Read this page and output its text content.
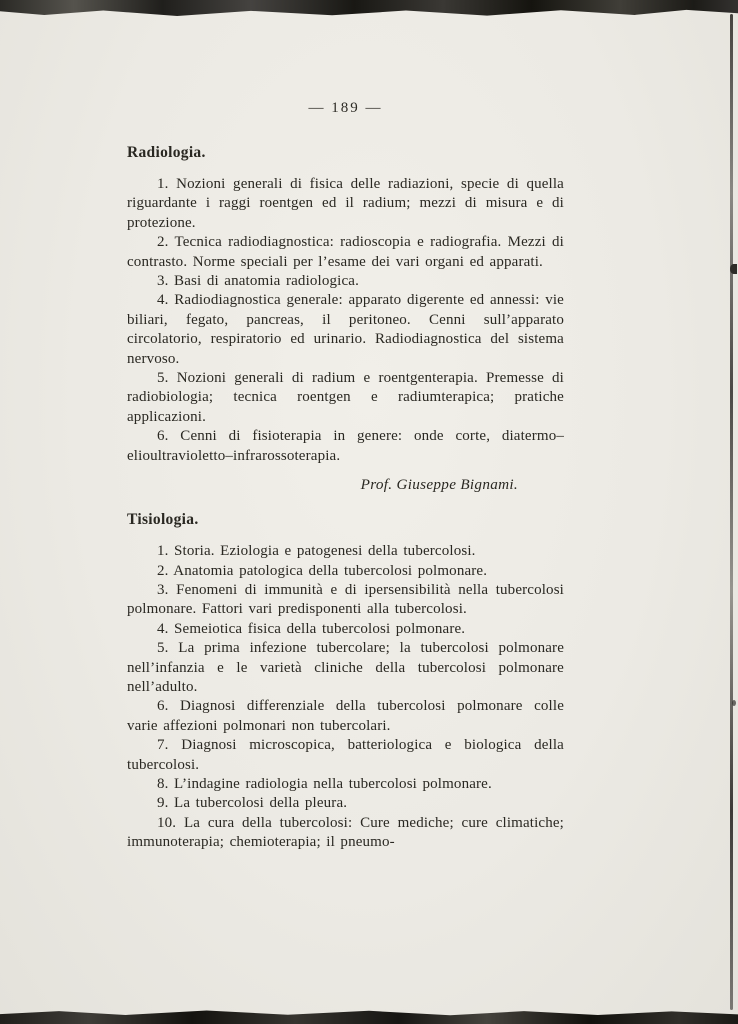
— 189 —
Radiologia.

1. Nozioni generali di fisica delle radiazioni, specie di quella riguardante i raggi roentgen ed il radium; mezzi di misura e di protezione.

2. Tecnica radiodiagnostica: radioscopia e radiografia. Mezzi di contrasto. Norme speciali per l’esame dei vari organi ed apparati.

3. Basi di anatomia radiologica.

4. Radiodiagnostica generale: apparato digerente ed annessi: vie biliari, fegato, pancreas, il peritoneo. Cenni sull’apparato circolatorio, respiratorio ed urinario. Radiodiagnostica del sistema nervoso.

5. Nozioni generali di radium e roentgenterapia. Premesse di radiobiologia; tecnica roentgen e radiumterapica; pratiche applicazioni.

6. Cenni di fisioterapia in genere: onde corte, diatermo–elioultravioletto–infrarossoterapia.

Prof. Giuseppe Bignami.
Tisiologia.

1. Storia. Eziologia e patogenesi della tubercolosi.

2. Anatomia patologica della tubercolosi polmonare.

3. Fenomeni di immunità e di ipersensibilità nella tubercolosi polmonare. Fattori vari predisponenti alla tubercolosi.

4. Semeiotica fisica della tubercolosi polmonare.

5. La prima infezione tubercolare; la tubercolosi polmonare nell’infanzia e le varietà cliniche della tubercolosi polmonare nell’adulto.

6. Diagnosi differenziale della tubercolosi polmonare colle varie affezioni polmonari non tubercolari.

7. Diagnosi microscopica, batteriologica e biologica della tubercolosi.

8. L’indagine radiologia nella tubercolosi polmonare.

9. La tubercolosi della pleura.

10. La cura della tubercolosi: Cure mediche; cure climatiche; immunoterapia; chemioterapia; il pneumo-
